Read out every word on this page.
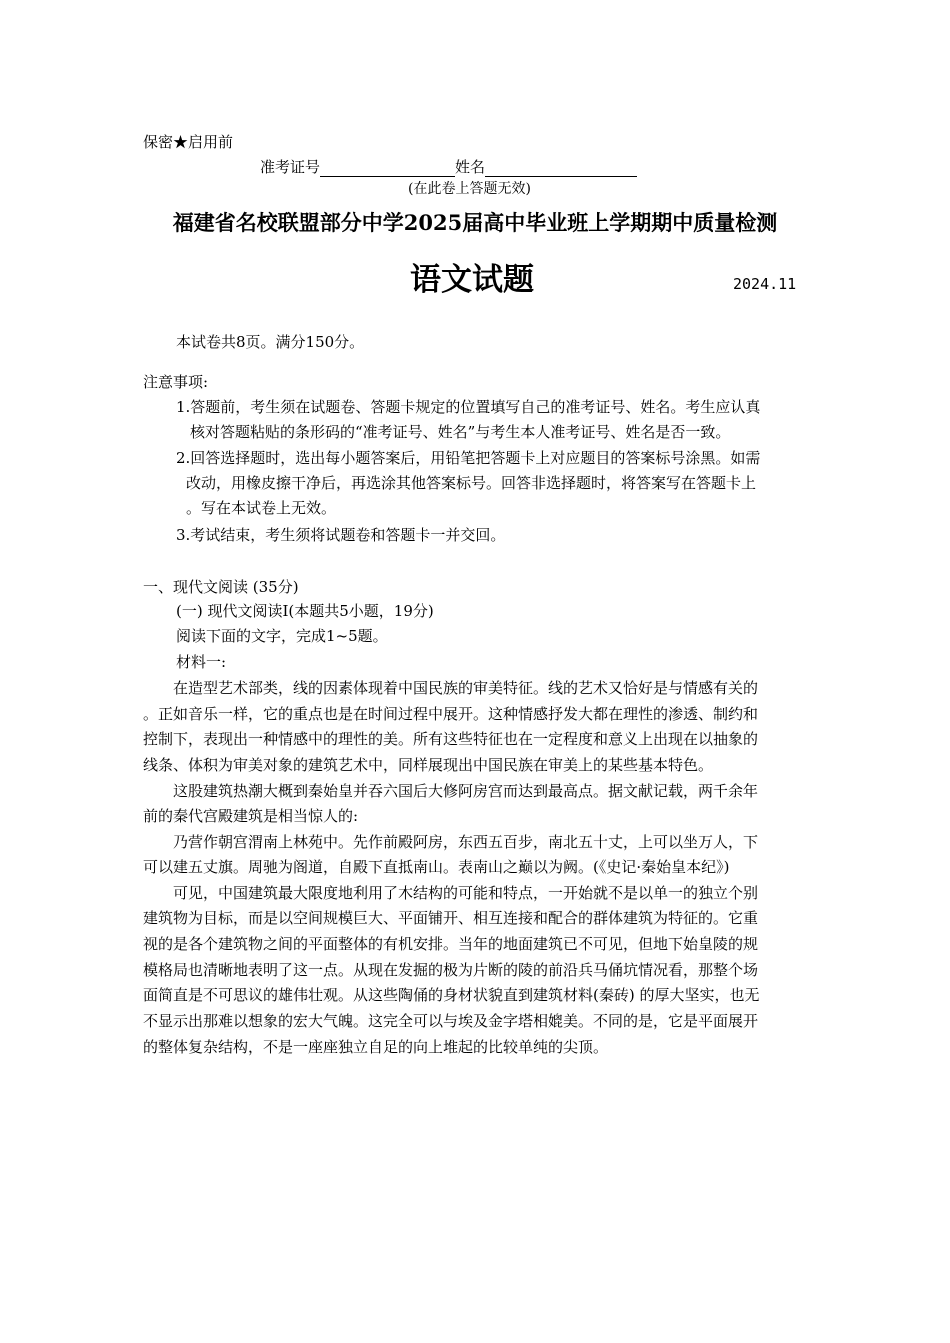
保密★启用前
准考证号	姓名
(在此卷上答题无效)
福建省名校联盟部分中学2025届高中毕业班上学期期中质量检测
语文试题	2024.11
本试卷共8页。满分150分。
注意事项:
1.答题前，考生须在试题卷、答题卡规定的位置填写自己的准考证号、姓名。考生应认真
核对答题粘贴的条形码的“准考证号、姓名”与考生本人准考证号、姓名是否一致。
2.回答选择题时，选出每小题答案后，用铅笔把答题卡上对应题目的答案标号涂黑。如需
改动，用橡皮擦干净后，再选涂其他答案标号。回答非选择题时，将答案写在答题卡上
。写在本试卷上无效。
3.考试结束，考生须将试题卷和答题卡一并交回。
一、现代文阅读 (35分)
(一) 现代文阅读Ⅰ(本题共5小题，19分)
阅读下面的文字，完成1~5题。
材料一:
在造型艺术部类，线的因素体现着中国民族的审美特征。线的艺术又恰好是与情感有关的
。正如音乐一样，它的重点也是在时间过程中展开。这种情感抒发大都在理性的渗透、制约和
控制下，表现出一种情感中的理性的美。所有这些特征也在一定程度和意义上出现在以抽象的
线条、体积为审美对象的建筑艺术中，同样展现出中国民族在审美上的某些基本特色。
这股建筑热潮大概到秦始皇并吞六国后大修阿房宫而达到最高点。据文献记载，两千余年
前的秦代宫殿建筑是相当惊人的:
乃营作朝宫渭南上林苑中。先作前殿阿房，东西五百步，南北五十丈，上可以坐万人，下
可以建五丈旗。周驰为阁道，自殿下直抵南山。表南山之巅以为阙。(《史记·秦始皇本纪》)
可见，中国建筑最大限度地利用了木结构的可能和特点，一开始就不是以单一的独立个别
建筑物为目标，而是以空间规模巨大、平面铺开、相互连接和配合的群体建筑为特征的。它重
视的是各个建筑物之间的平面整体的有机安排。当年的地面建筑已不可见，但地下始皇陵的规
模格局也清晰地表明了这一点。从现在发掘的极为片断的陵的前沿兵马俑坑情况看，那整个场
面简直是不可思议的雄伟壮观。从这些陶俑的身材状貌直到建筑材料(秦砖) 的厚大坚实，也无
不显示出那难以想象的宏大气魄。这完全可以与埃及金字塔相媲美。不同的是，它是平面展开
的整体复杂结构，不是一座座独立自足的向上堆起的比较单纯的尖顶。
